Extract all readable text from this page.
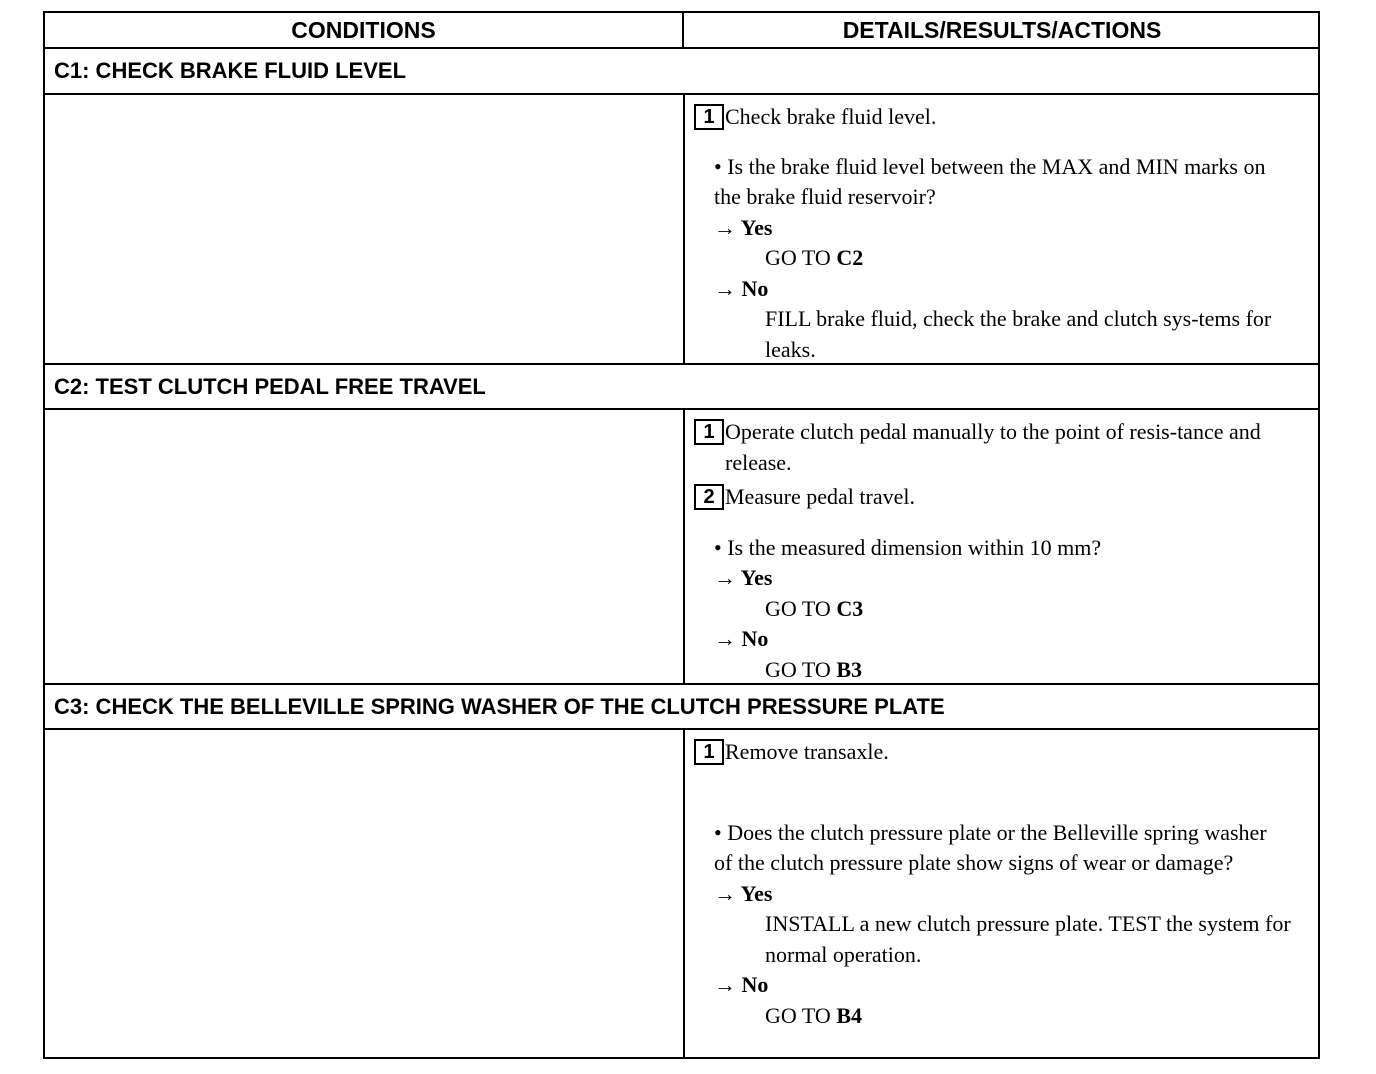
CONDITIONS	DETAILS/RESULTS/ACTIONS
C1: CHECK BRAKE FLUID LEVEL
1 Check brake fluid level.
• Is the brake fluid level between the MAX and MIN marks on the brake fluid reservoir?
→ Yes
GO TO C2
→ No
FILL brake fluid, check the brake and clutch sys-tems for leaks.
C2: TEST CLUTCH PEDAL FREE TRAVEL
1 Operate clutch pedal manually to the point of resis-tance and release.
2 Measure pedal travel.
• Is the measured dimension within 10 mm?
→ Yes
GO TO C3
→ No
GO TO B3
C3: CHECK THE BELLEVILLE SPRING WASHER OF THE CLUTCH PRESSURE PLATE
1 Remove transaxle.
• Does the clutch pressure plate or the Belleville spring washer of the clutch pressure plate show signs of wear or damage?
→ Yes
INSTALL a new clutch pressure plate. TEST the system for normal operation.
→ No
GO TO B4
